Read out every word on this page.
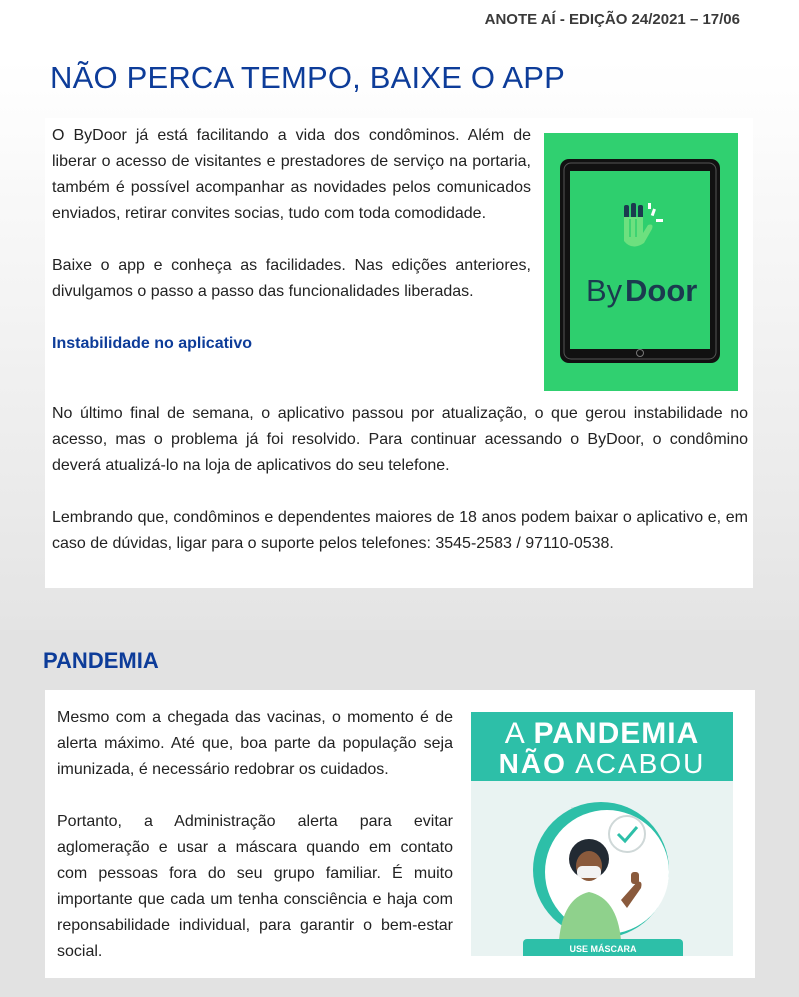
ANOTE AÍ - EDIÇÃO 24/2021 – 17/06
NÃO PERCA TEMPO, BAIXE O APP

O ByDoor já está facilitando a vida dos condôminos. Além de liberar o acesso de visitantes e prestadores de serviço na portaria, também é possível acompanhar as novidades pelos comunicados enviados, retirar convites socias, tudo com toda comodidade.

Baixe o app e conheça as facilidades. Nas edições anteriores, divulgamos o passo a passo das funcionalidades liberadas.

Instabilidade no aplicativo
By Door

No último final de semana, o aplicativo passou por atualização, o que gerou instabilidade no acesso, mas o problema já foi resolvido. Para continuar acessando o ByDoor, o condômino deverá atualizá-lo na loja de aplicativos do seu telefone.

Lembrando que, condôminos e dependentes maiores de 18 anos podem baixar o aplicativo e, em caso de dúvidas, ligar para o suporte pelos telefones: 3545-2583 / 97110-0538.

PANDEMIA

Mesmo com a chegada das vacinas, o momento é de alerta máximo. Até que, boa parte da população seja imunizada, é necessário redobrar os cuidados.

Portanto, a Administração alerta para evitar aglomeração e usar a máscara quando em contato com pessoas fora do seu grupo familiar. É muito importante que cada um tenha consciência e haja com reponsabilidade individual, para garantir o bem-estar social.

A PANDEMIA
NÃO ACABOU
USE MÁSCARA
